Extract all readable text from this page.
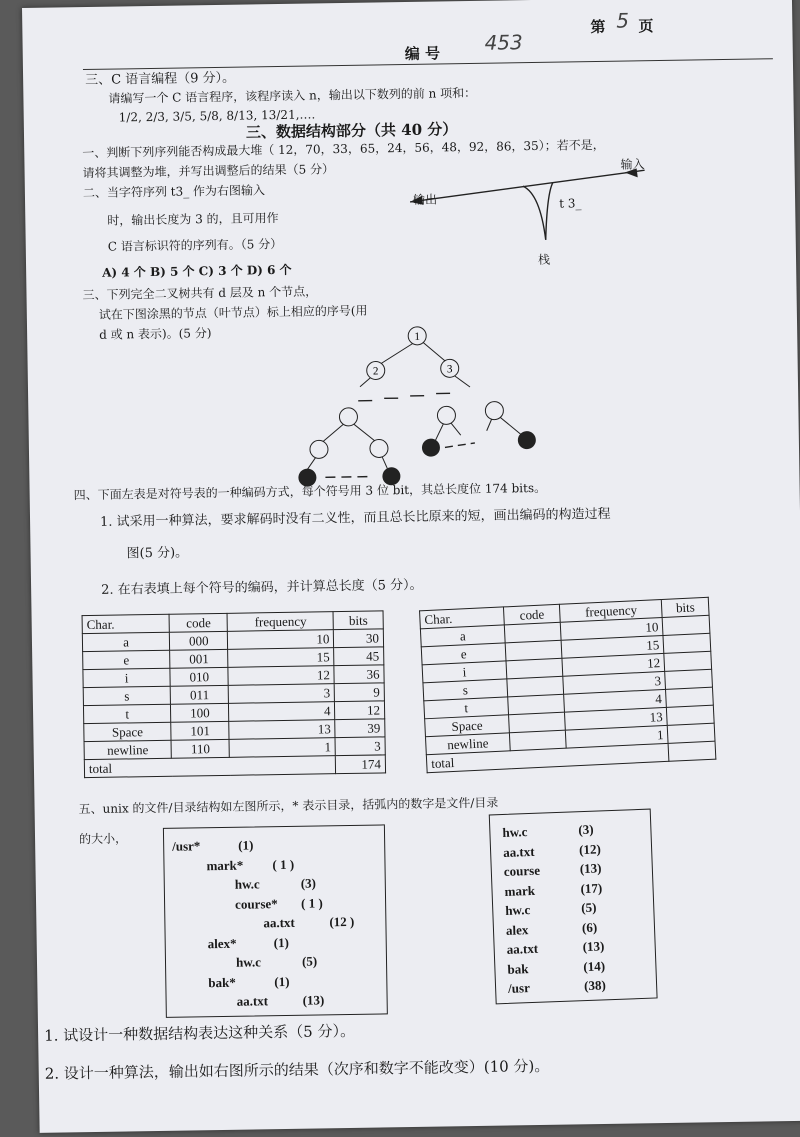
编 号 453
第 5 页
三、C 语言编程（9 分）。
请编写一个 C 语言程序，该程序读入 n，输出以下数列的前 n 项和：
1/2, 2/3, 3/5, 5/8, 8/13, 13/21,….
三、数据结构部分（共 40 分）
一、判断下列序列能否构成最大堆（ 12，70，33，65，24，56，48，92，86，35）；若不是，
请将其调整为堆，并写出调整后的结果（5 分）
二、当字符序列 t3_ 作为右图输入
时，输出长度为 3 的，且可用作
C 语言标识符的序列有。（5 分）
A) 4 个 B) 5 个 C) 3 个 D) 6 个
输出
输入
t 3_
栈
三、下列完全二叉树共有 d 层及 n 个节点，
试在下图涂黑的节点（叶节点）标上相应的序号(用
d 或 n 表示)。(5 分)	1
2	3
四、下面左表是对符号表的一种编码方式，每个符号用 3 位 bit，其总长度位 174 bits。
1. 试采用一种算法，要求解码时没有二义性，而且总长比原来的短，画出编码的构造过程
图(5 分)。
2. 在右表填上每个符号的编码，并计算总长度（5 分）。
Char.	code	frequency	bits
a	000	10	30
e	001	15	45
i	010	12	36
s	011	3	9
t	100	4	12
Space	101	13	39
newline	110	1	3
total			174
Char.	code	frequency	bits
a		10	
e		15	
i		12	
s		3	
t		4	
Space		13	
newline		1	
total			
五、unix 的文件/目录结构如左图所示，* 表示目录，括弧内的数字是文件/目录
的大小，	/usr*	(1)
mark* ( 1 )
hw.c	(3)
course* ( 1 )
aa.txt	(12 )
alex*	(1)
hw.c	(5)
bak*	(1)
aa.txt	(13)
hw.c	(3)
aa.txt	(12)
course	(13)
mark	(17)
hw.c	(5)
alex	(6)
aa.txt	(13)
bak	(14)
/usr	(38)
1. 试设计一种数据结构表达这种关系（5 分）。
2. 设计一种算法，输出如右图所示的结果（次序和数字不能改变）(10 分)。
